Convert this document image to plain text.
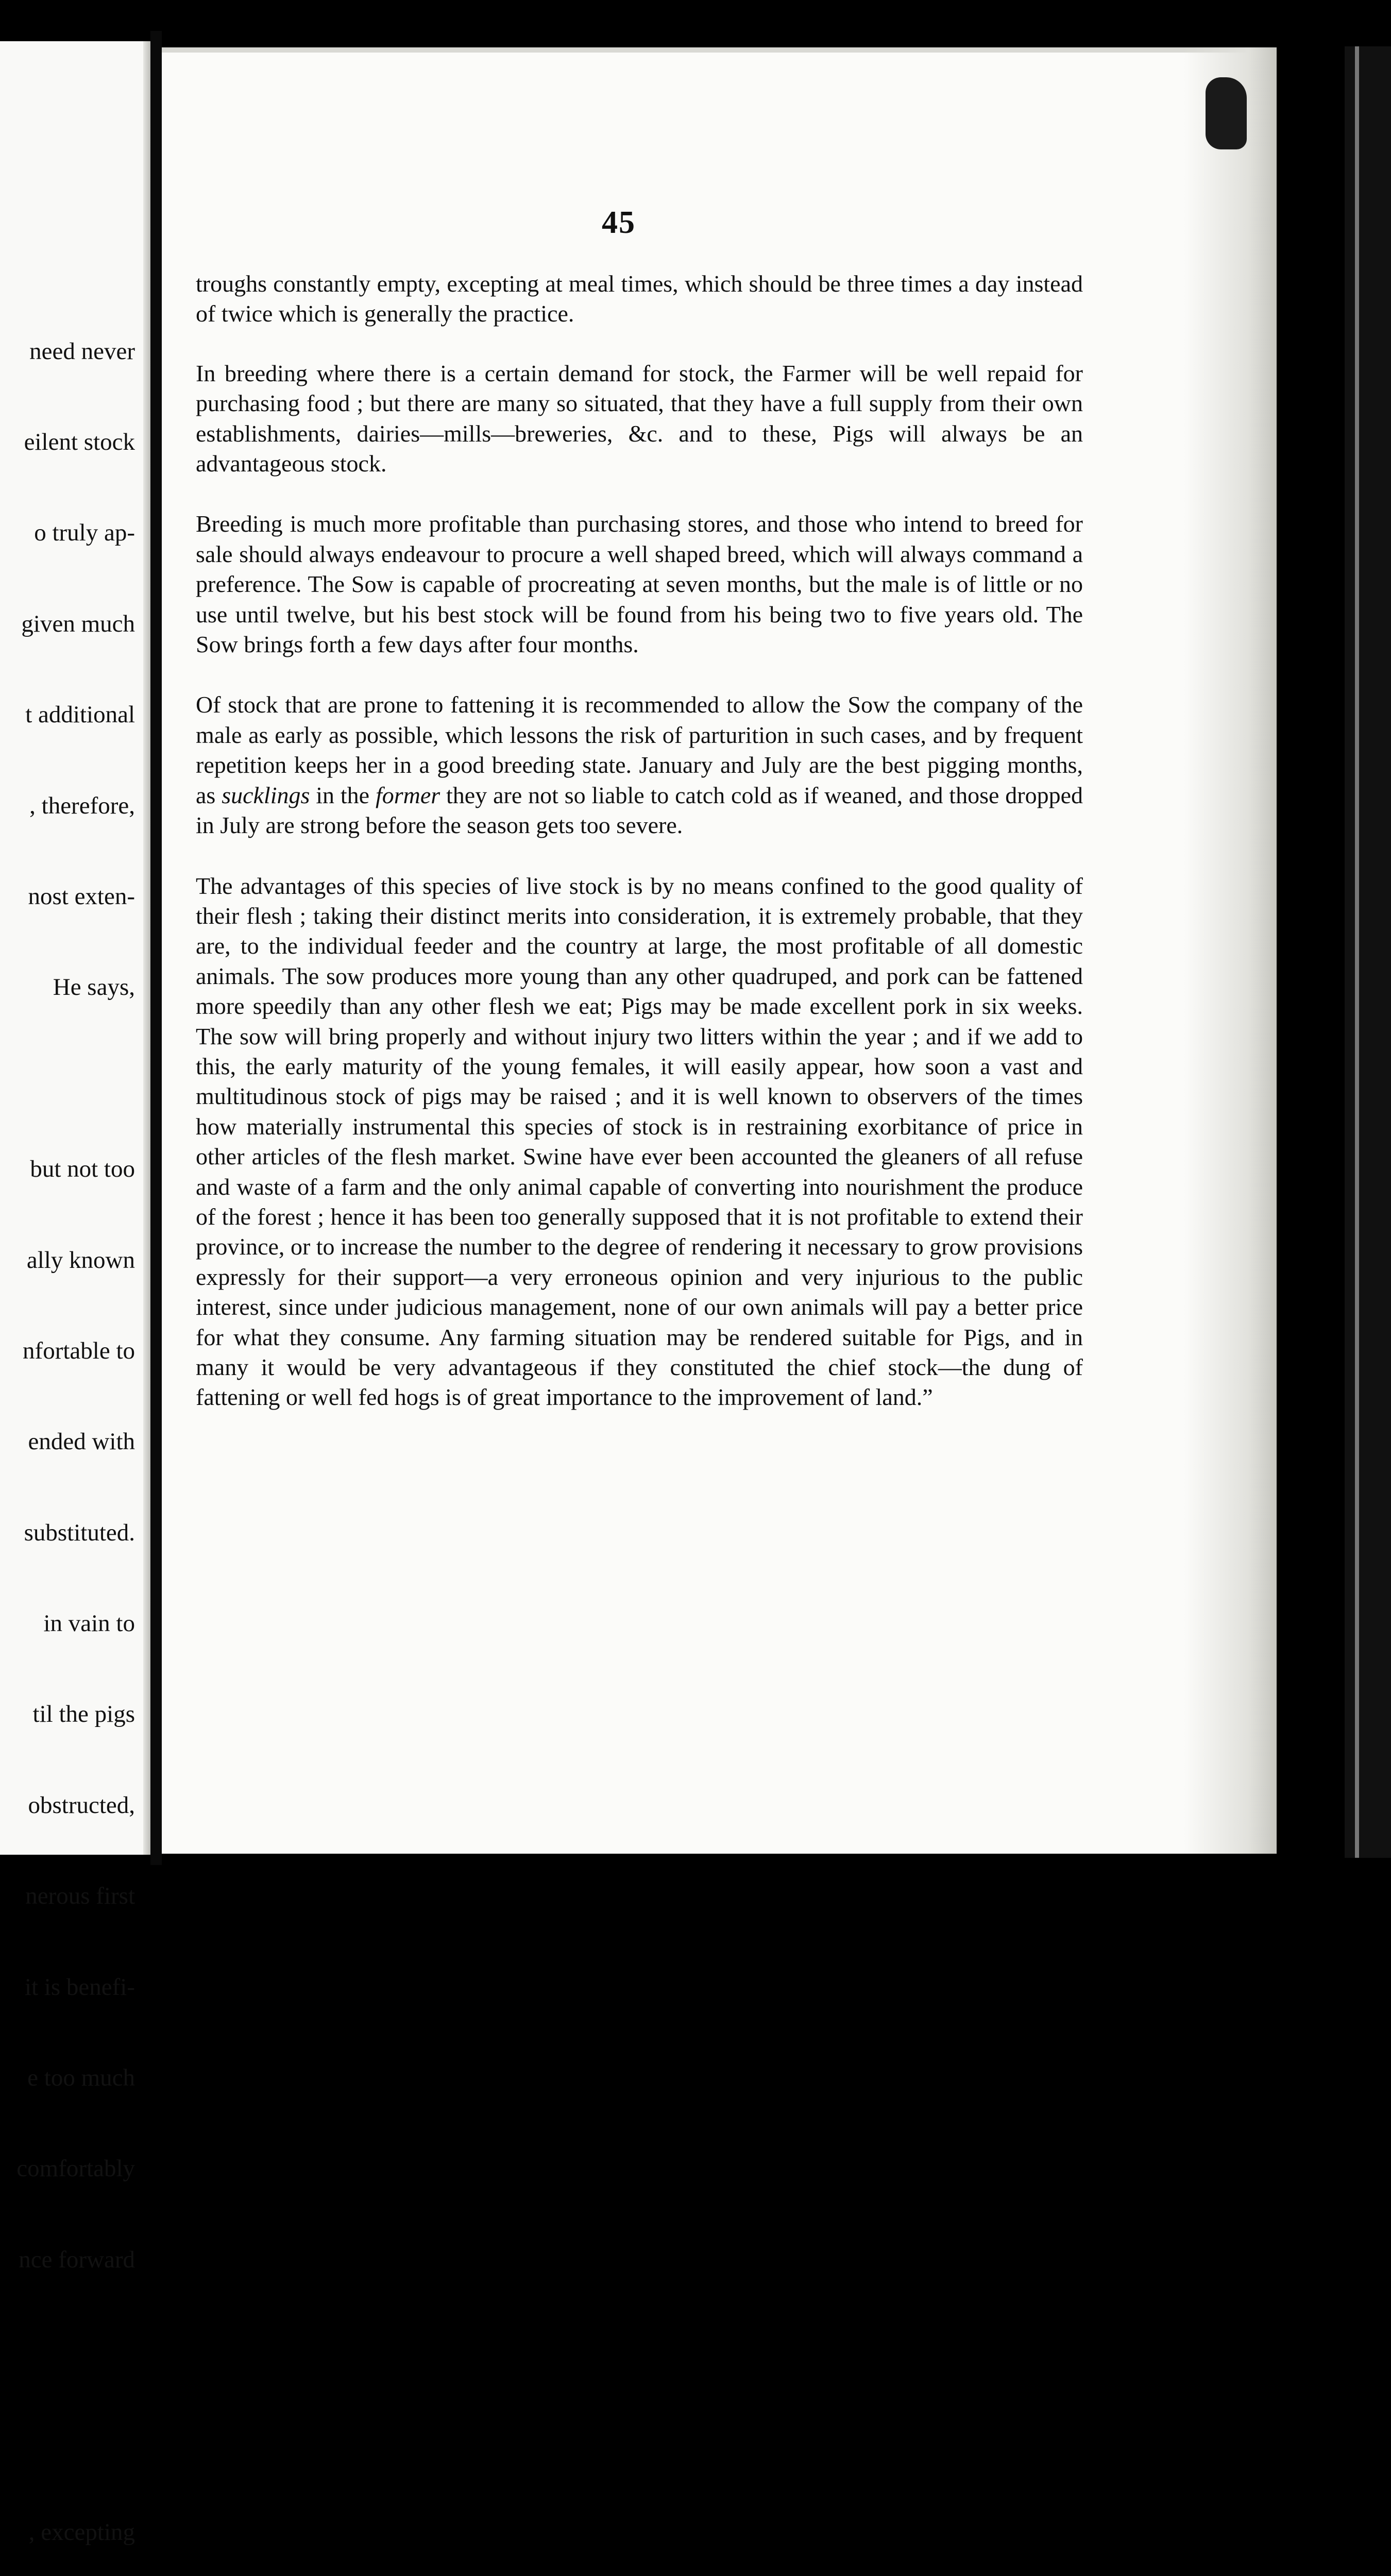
need never

eilent stock

o truly ap-

given much

t additional

, therefore,

nost exten-

He says,

but not too

ally known

nfortable to

ended with

substituted.

in vain to

til the pigs

obstructed,

nerous first

it is benefi-

e too much

comfortably

nce forward

, excepting

45

troughs constantly empty, excepting at meal times, which should be three times a day instead of twice which is generally the practice.

In breeding where there is a certain demand for stock, the Farmer will be well repaid for purchasing food ; but there are many so situated, that they have a full supply from their own establishments, dairies—mills—breweries, &c. and to these, Pigs will always be an advantageous stock.

Breeding is much more profitable than purchasing stores, and those who intend to breed for sale should always endeavour to procure a well shaped breed, which will always command a preference. The Sow is capable of procreating at seven months, but the male is of little or no use until twelve, but his best stock will be found from his being two to five years old. The Sow brings forth a few days after four months.

Of stock that are prone to fattening it is recommended to allow the Sow the company of the male as early as possible, which lessons the risk of parturition in such cases, and by frequent repetition keeps her in a good breeding state. January and July are the best pigging months, as sucklings in the former they are not so liable to catch cold as if weaned, and those dropped in July are strong before the season gets too severe.

The advantages of this species of live stock is by no means confined to the good quality of their flesh ; taking their distinct merits into consideration, it is extremely probable, that they are, to the individual feeder and the country at large, the most profitable of all domestic animals. The sow produces more young than any other quadruped, and pork can be fattened more speedily than any other flesh we eat; Pigs may be made excellent pork in six weeks. The sow will bring properly and without injury two litters within the year ; and if we add to this, the early maturity of the young females, it will easily appear, how soon a vast and multitudinous stock of pigs may be raised ; and it is well known to observers of the times how materially instrumental this species of stock is in restraining exorbitance of price in other articles of the flesh market. Swine have ever been accounted the gleaners of all refuse and waste of a farm and the only animal capable of converting into nourishment the produce of the forest ; hence it has been too generally supposed that it is not profitable to extend their province, or to increase the number to the degree of rendering it necessary to grow provisions expressly for their support—a very erroneous opinion and very injurious to the public interest, since under judicious management, none of our own animals will pay a better price for what they consume. Any farming situation may be rendered suitable for Pigs, and in many it would be very advantageous if they constituted the chief stock—the dung of fattening or well fed hogs is of great importance to the improvement of land.”
